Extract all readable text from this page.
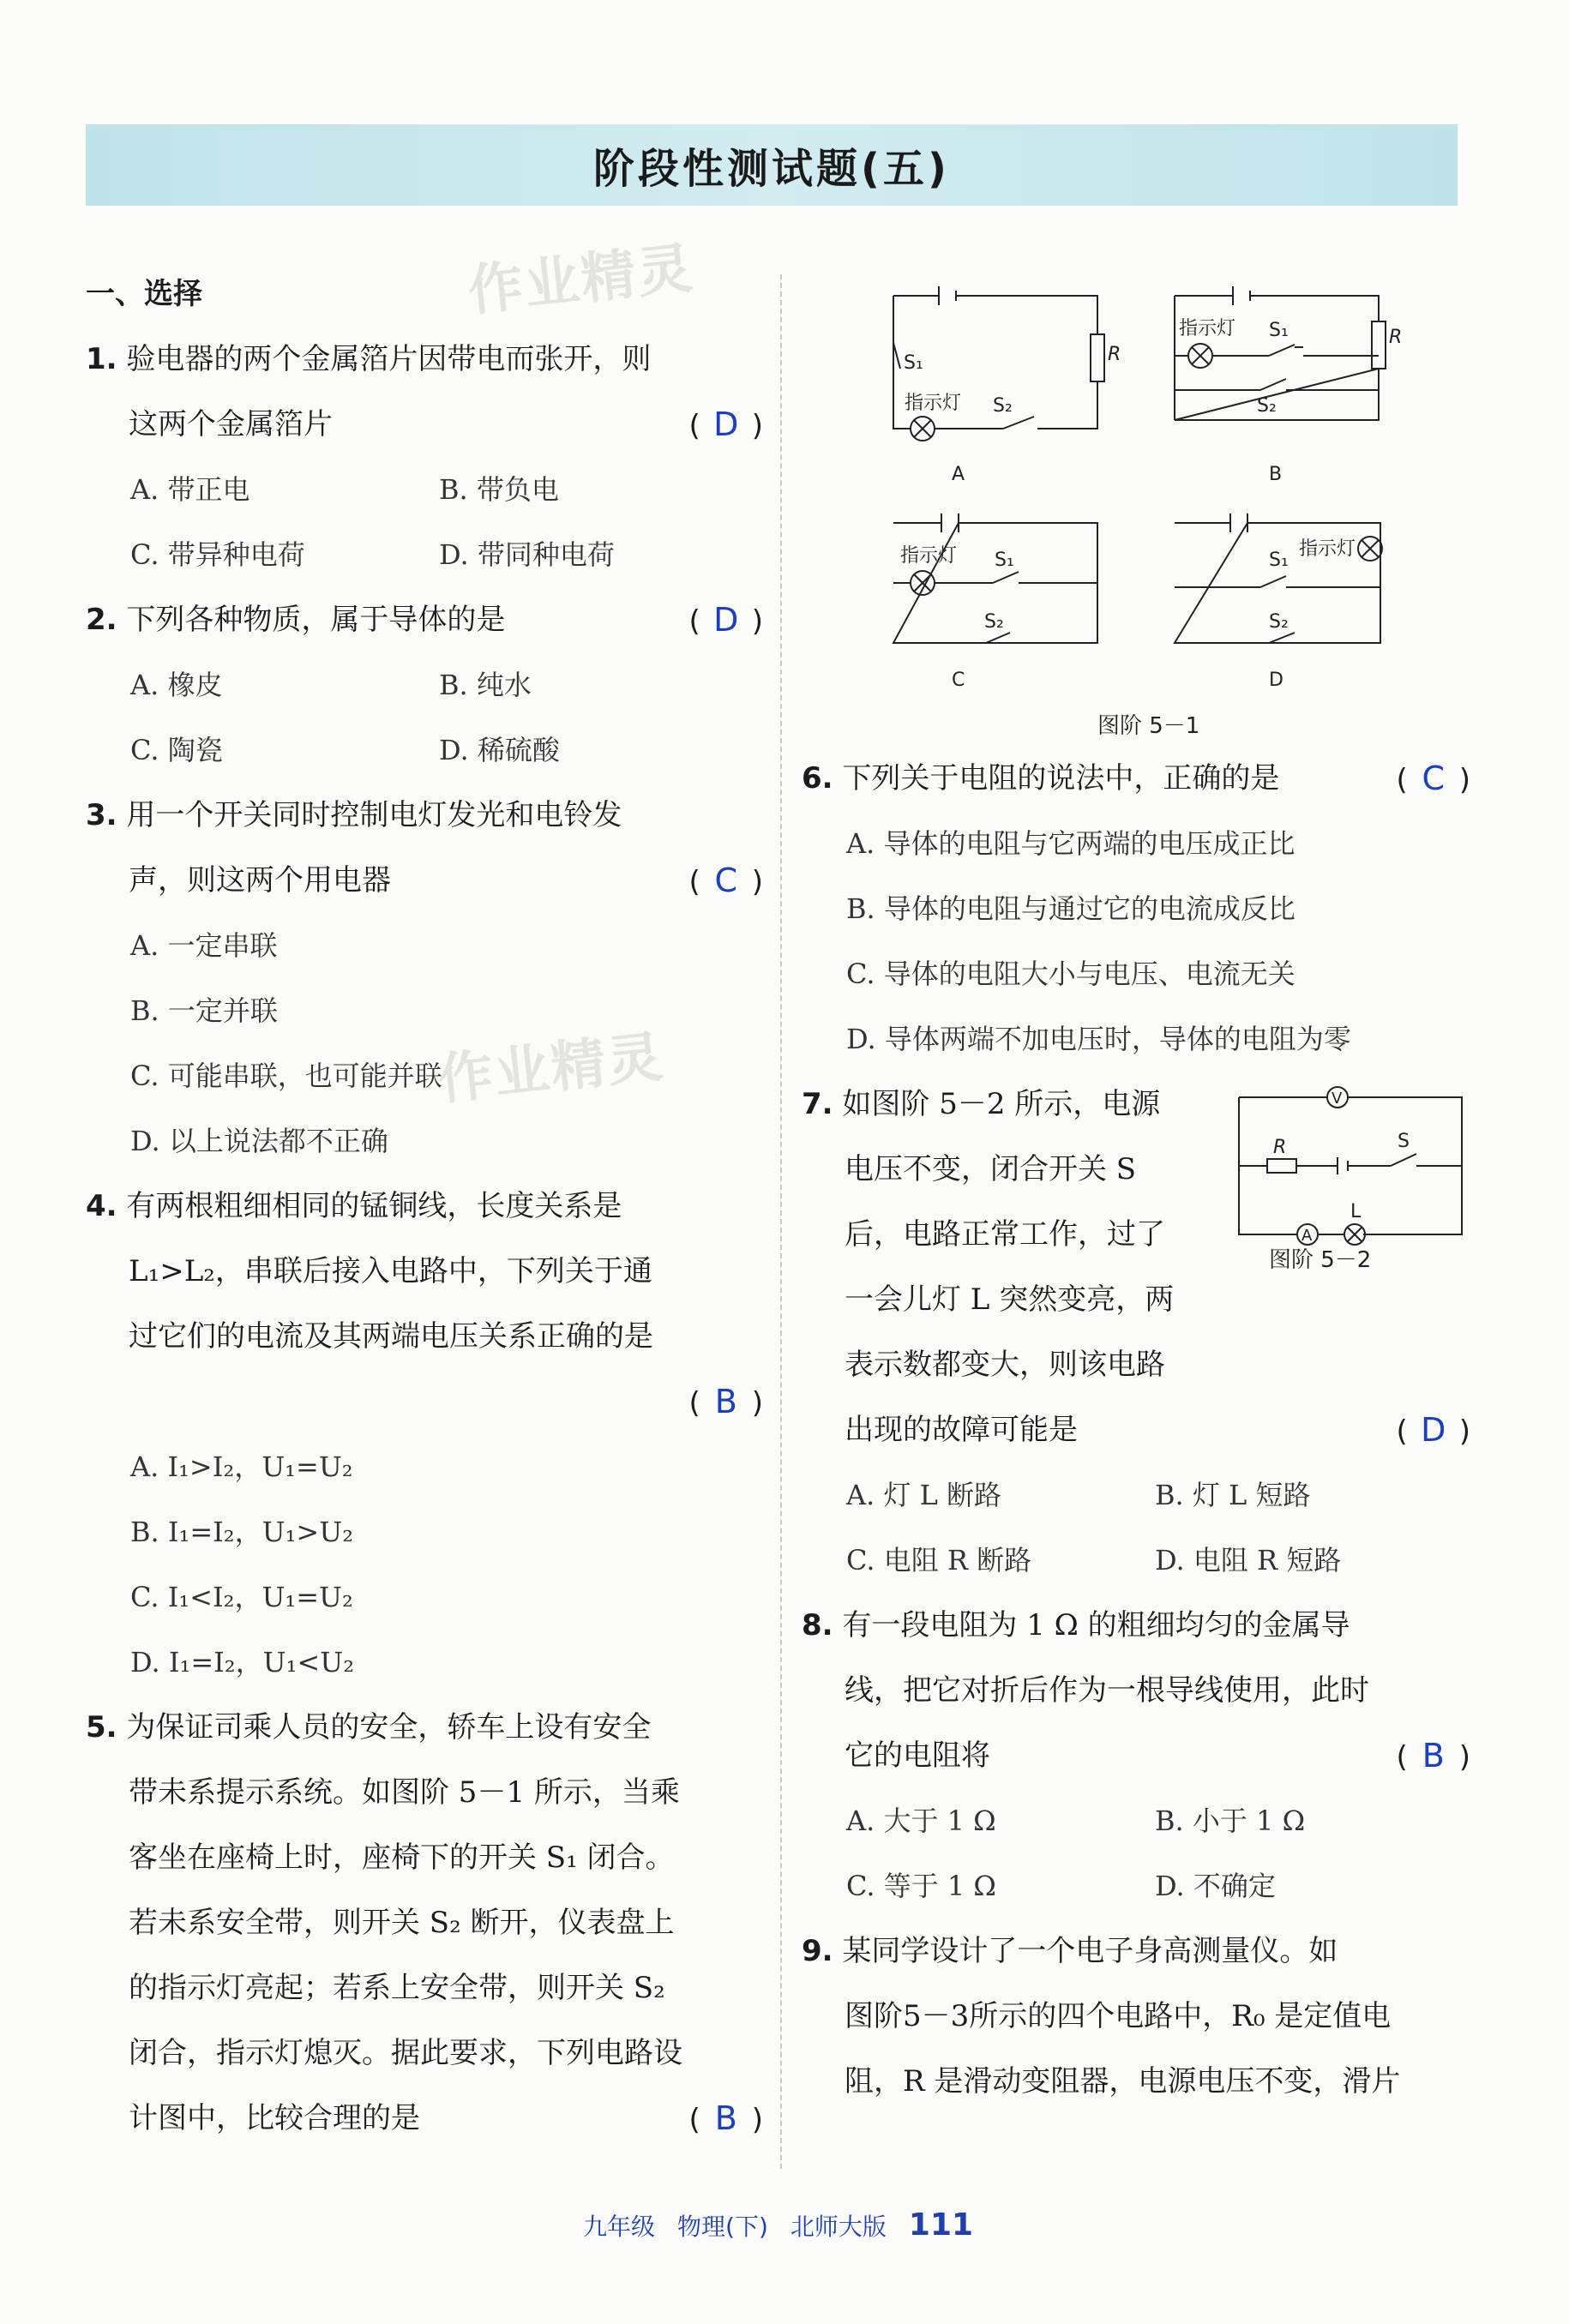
阶段性测试题(五)
作业精灵
作业精灵
一、选择
1. 验电器的两个金属箔片因带电而张开，则
这两个金属箔片	( D )
A. 带正电	B. 带负电
C. 带异种电荷	D. 带同种电荷
2. 下列各种物质，属于导体的是	( D )
A. 橡皮	B. 纯水
C. 陶瓷	D. 稀硫酸
3. 用一个开关同时控制电灯发光和电铃发
声，则这两个用电器	( C )
A. 一定串联
B. 一定并联
C. 可能串联，也可能并联
D. 以上说法都不正确
4. 有两根粗细相同的锰铜线，长度关系是
L₁>L₂，串联后接入电路中，下列关于通
过它们的电流及其两端电压关系正确的是

( B )
A. I₁>I₂，U₁=U₂
B. I₁=I₂，U₁>U₂
C. I₁<I₂，U₁=U₂
D. I₁=I₂，U₁<U₂
5. 为保证司乘人员的安全，轿车上设有安全
带未系提示系统。如图阶 5－1 所示，当乘
客坐在座椅上时，座椅下的开关 S₁ 闭合。
若未系安全带，则开关 S₂ 断开，仪表盘上
的指示灯亮起；若系上安全带，则开关 S₂
闭合，指示灯熄灭。据此要求，下列电路设
计图中，比较合理的是	( B )
S₁	R
指示灯 S₂
A
指示灯 S₁	R
S₂
B
指示灯 S₁
S₂
C
S₁
指示灯
S₂
D
图阶 5－1
6. 下列关于电阻的说法中，正确的是	( C )
A. 导体的电阻与它两端的电压成正比
B. 导体的电阻与通过它的电流成反比
C. 导体的电阻大小与电压、电流无关
D. 导体两端不加电压时，导体的电阻为零
7. 如图阶 5－2 所示，电源
电压不变，闭合开关 S
后，电路正常工作，过了
一会儿灯 L 突然变亮，两
表示数都变大，则该电路
出现的故障可能是	( D )
V
R	S
A
L
图阶 5－2
A. 灯 L 断路	B. 灯 L 短路
C. 电阻 R 断路	D. 电阻 R 短路
8. 有一段电阻为 1 Ω 的粗细均匀的金属导
线，把它对折后作为一根导线使用，此时
它的电阻将	( B )
A. 大于 1 Ω	B. 小于 1 Ω
C. 等于 1 Ω	D. 不确定
9. 某同学设计了一个电子身高测量仪。如
图阶5－3所示的四个电路中，R₀ 是定值电
阻，R 是滑动变阻器，电源电压不变，滑片
九年级 物理(下) 北师大版 111
